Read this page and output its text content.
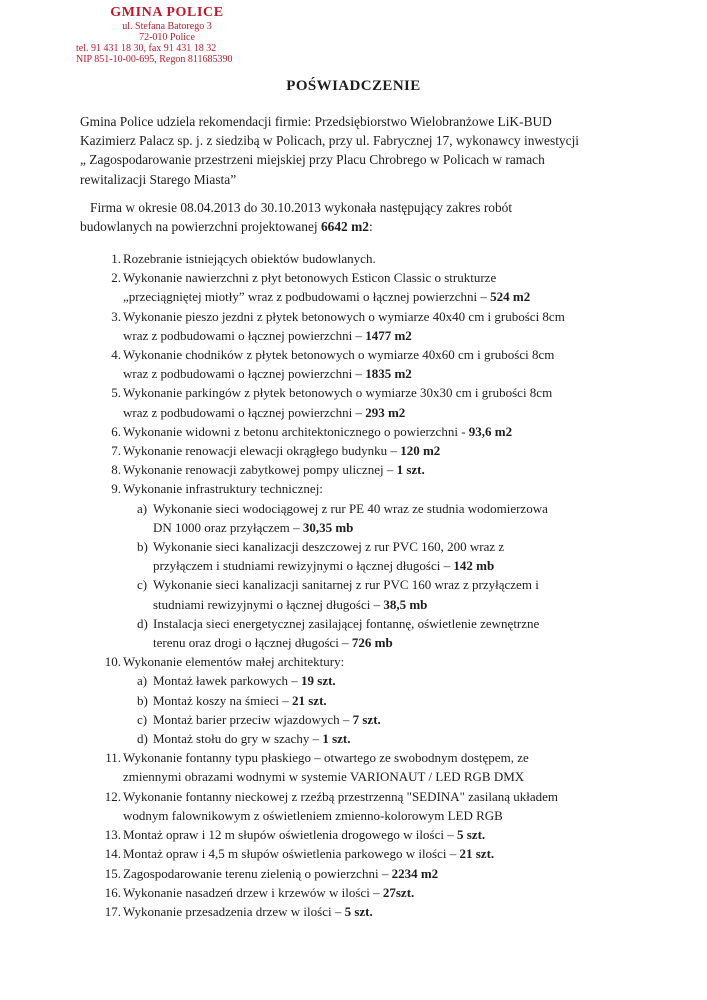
GMINA POLICE
ul. Stefana Batorego 3
72-010 Police
tel. 91 431 18 30, fax 91 431 18 32
NIP 851-10-00-695, Regon 811685390
POŚWIADCZENIE
Gmina Police udziela rekomendacji firmie: Przedsiębiorstwo Wielobranżowe LiK-BUD
Kazimierz Palacz sp. j. z siedzibą w Policach, przy ul. Fabrycznej 17, wykonawcy inwestycji
„ Zagospodarowanie przestrzeni miejskiej przy Placu Chrobrego w Policach w ramach
rewitalizacji Starego Miasta”
Firma w okresie 08.04.2013 do 30.10.2013 wykonała następujący zakres robót
budowlanych na powierzchni projektowanej 6642 m2:
1. Rozebranie istniejących obiektów budowlanych.
2. Wykonanie nawierzchni z płyt betonowych Esticon Classic o strukturze
„przeciągniętej miotły” wraz z podbudowami o łącznej powierzchni – 524 m2
3. Wykonanie pieszo jezdni z płytek betonowych o wymiarze 40x40 cm i grubości 8cm
wraz z podbudowami o łącznej powierzchni – 1477 m2
4. Wykonanie chodników z płytek betonowych o wymiarze 40x60 cm i grubości 8cm
wraz z podbudowami o łącznej powierzchni – 1835 m2
5. Wykonanie parkingów z płytek betonowych o wymiarze 30x30 cm i grubości 8cm
wraz z podbudowami o łącznej powierzchni – 293 m2
6. Wykonanie widowni z betonu architektonicznego o powierzchni - 93,6 m2
7. Wykonanie renowacji elewacji okrągłego budynku – 120 m2
8. Wykonanie renowacji zabytkowej pompy ulicznej – 1 szt.
9. Wykonanie infrastruktury technicznej:
a) Wykonanie sieci wodociągowej z rur PE 40 wraz ze studnia wodomierzowa
DN 1000 oraz przyłączem – 30,35 mb
b) Wykonanie sieci kanalizacji deszczowej z rur PVC 160, 200 wraz z
przyłączem i studniami rewizyjnymi o łącznej długości – 142 mb
c) Wykonanie sieci kanalizacji sanitarnej z rur PVC 160 wraz z przyłączem i
studniami rewizyjnymi o łącznej długości – 38,5 mb
d) Instalacja sieci energetycznej zasilającej fontannę, oświetlenie zewnętrzne
terenu oraz drogi o łącznej długości – 726 mb
10. Wykonanie elementów małej architektury:
a) Montaż ławek parkowych – 19 szt.
b) Montaż koszy na śmieci – 21 szt.
c) Montaż barier przeciw wjazdowych – 7 szt.
d) Montaż stołu do gry w szachy – 1 szt.
11. Wykonanie fontanny typu płaskiego – otwartego ze swobodnym dostępem, ze
zmiennymi obrazami wodnymi w systemie VARIONAUT / LED RGB DMX
12. Wykonanie fontanny nieckowej z rzeźbą przestrzenną "SEDINA" zasilaną układem
wodnym falownikowym z oświetleniem zmienno-kolorowym LED RGB
13. Montaż opraw i 12 m słupów oświetlenia drogowego w ilości – 5 szt.
14. Montaż opraw i 4,5 m słupów oświetlenia parkowego w ilości – 21 szt.
15. Zagospodarowanie terenu zielenią o powierzchni – 2234 m2
16. Wykonanie nasadzeń drzew i krzewów w ilości – 27szt.
17. Wykonanie przesadzenia drzew w ilości – 5 szt.
